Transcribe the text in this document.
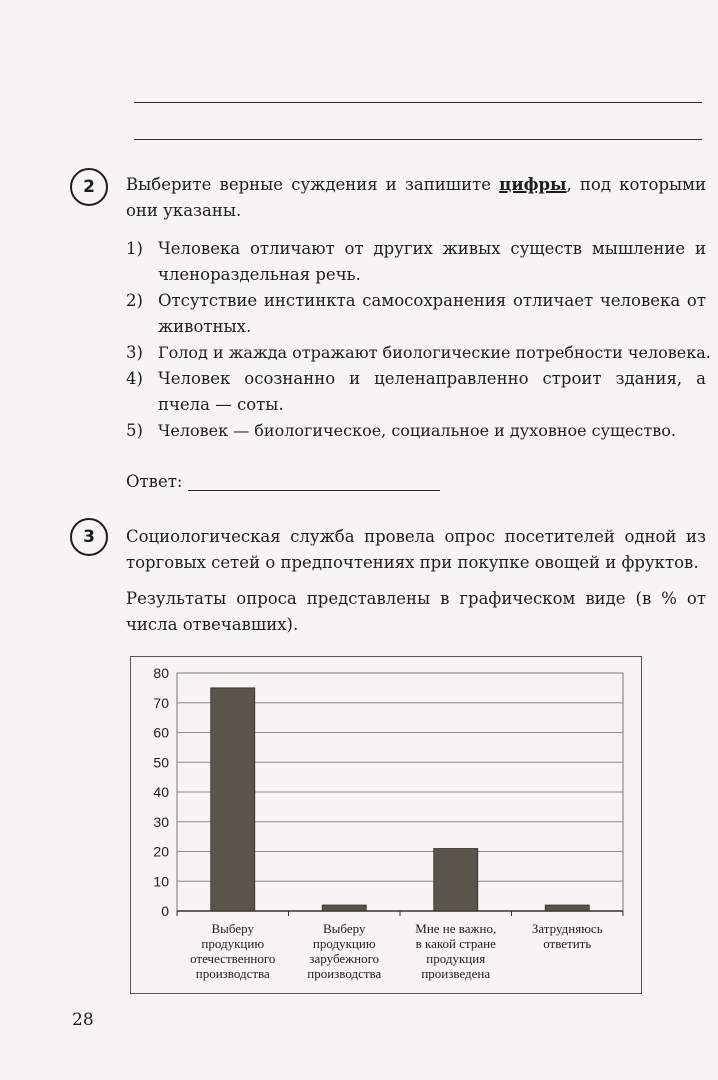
2	Выберите верные суждения и запишите цифры, под которыми они указаны.
1) Человека отличают от других живых существ мышление и членораздельная речь.
2) Отсутствие инстинкта самосохранения отличает человека от животных.
3) Голод и жажда отражают биологические потребности человека.
4) Человек осознанно и целенаправленно строит здания, а пчела — соты.
5) Человек — биологическое, социальное и духовное существо.
Ответ:
3	Социологическая служба провела опрос посетителей одной из торговых сетей о предпочтениях при покупке овощей и фруктов.
Результаты опроса представлены в графическом виде (в % от числа отвечавших).
0
10
20
30
40
50
60
70
80
Выберу продукцию отечественного производства
Выберу продукцию зарубежного производства
Мне не важно, в какой стране продукция произведена
Затрудняюсь ответить
28
